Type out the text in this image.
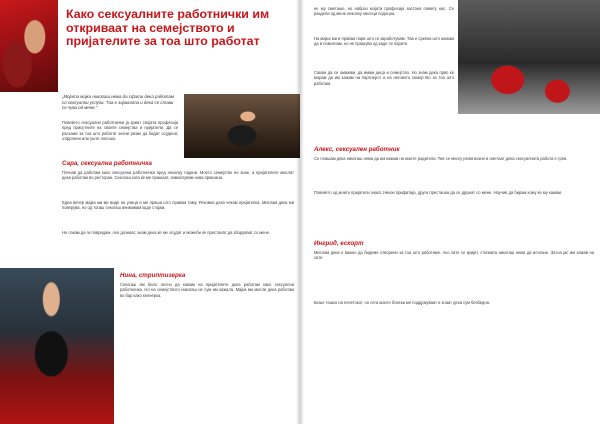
Како сексуалните работнички им откриваат на семејството и пријателите за тоа што работат
„Мојата мајка никогаш нема да сфати дека работам со сексуални услуги. Таа е зајакната и дека се стави се чува од мене.“
Повеќето сексуални работнички ја криат својата професија пред присутните на своите семејства и пријатели. Да се раскаже за тоа што работат значи ризик да бидат осудени, отфрлени или уште полошо.
Сара, сексуална работничка
Почнав да работам како сексуална работничка пред неколку години. Моето семејство не знае, а пријателите мислат дека работам во ресторан. Секогаш кога ќе ме прашаат, измислувам нова приказна.
Една вечер мајка ми ме виде на улица и ме праша што правам таму. Рековна дека чекам пријателка. Мислам дека ми поверува, но од тогаш секогаш внимавам каде стојам.
Не сакам да ги повредам. Ако дознаат, знам дека ќе ме осудат и можеби ќе престанат да зборуваат со мене.
Нина, стриптизерка
Секогаш им било лесно да кажам на пријателите дека работам како сексуална работничка. Но на семејството никогаш не сум им кажала. Мајка ми мисли дека работам во бар како келнерка.
не му сметаше, но набрзо мојата професија застана помеѓу нас. Се раздели од мене неколку месеци подоцна.
На мајка ми и праќам пари што ги заработувам. Таа е среќна што можам да ѝ помогнам, но не прашува од каде се парите.
Сакам да се омажам, да имам деца и семејство. Но знам дека прво ќе морам да им кажам на партнерот и на неговото семејство за тоа што работам.
Алекс, сексуален работник
Се плашам дека никогаш нема да им кажам на моите родители. Тие се многу религиозни и сметаат дека сексуалната работа е грев.
Повеќето од моите пријатели знаат. Некои прифатија, други престанаа да се дружат со мене. Научив да бирам кому ќе му кажам.
Ингрид, ескорт
Мислам дека е важно да бидеме отворени за тоа што работиме. Ако сите се кријат, стигмата никогаш нема да исчезне. Затоа јас им кажав на сите.
Беше тешко на почетокот, но сега моите блиски ме поддржуваат и знаат дека сум безбедна.
